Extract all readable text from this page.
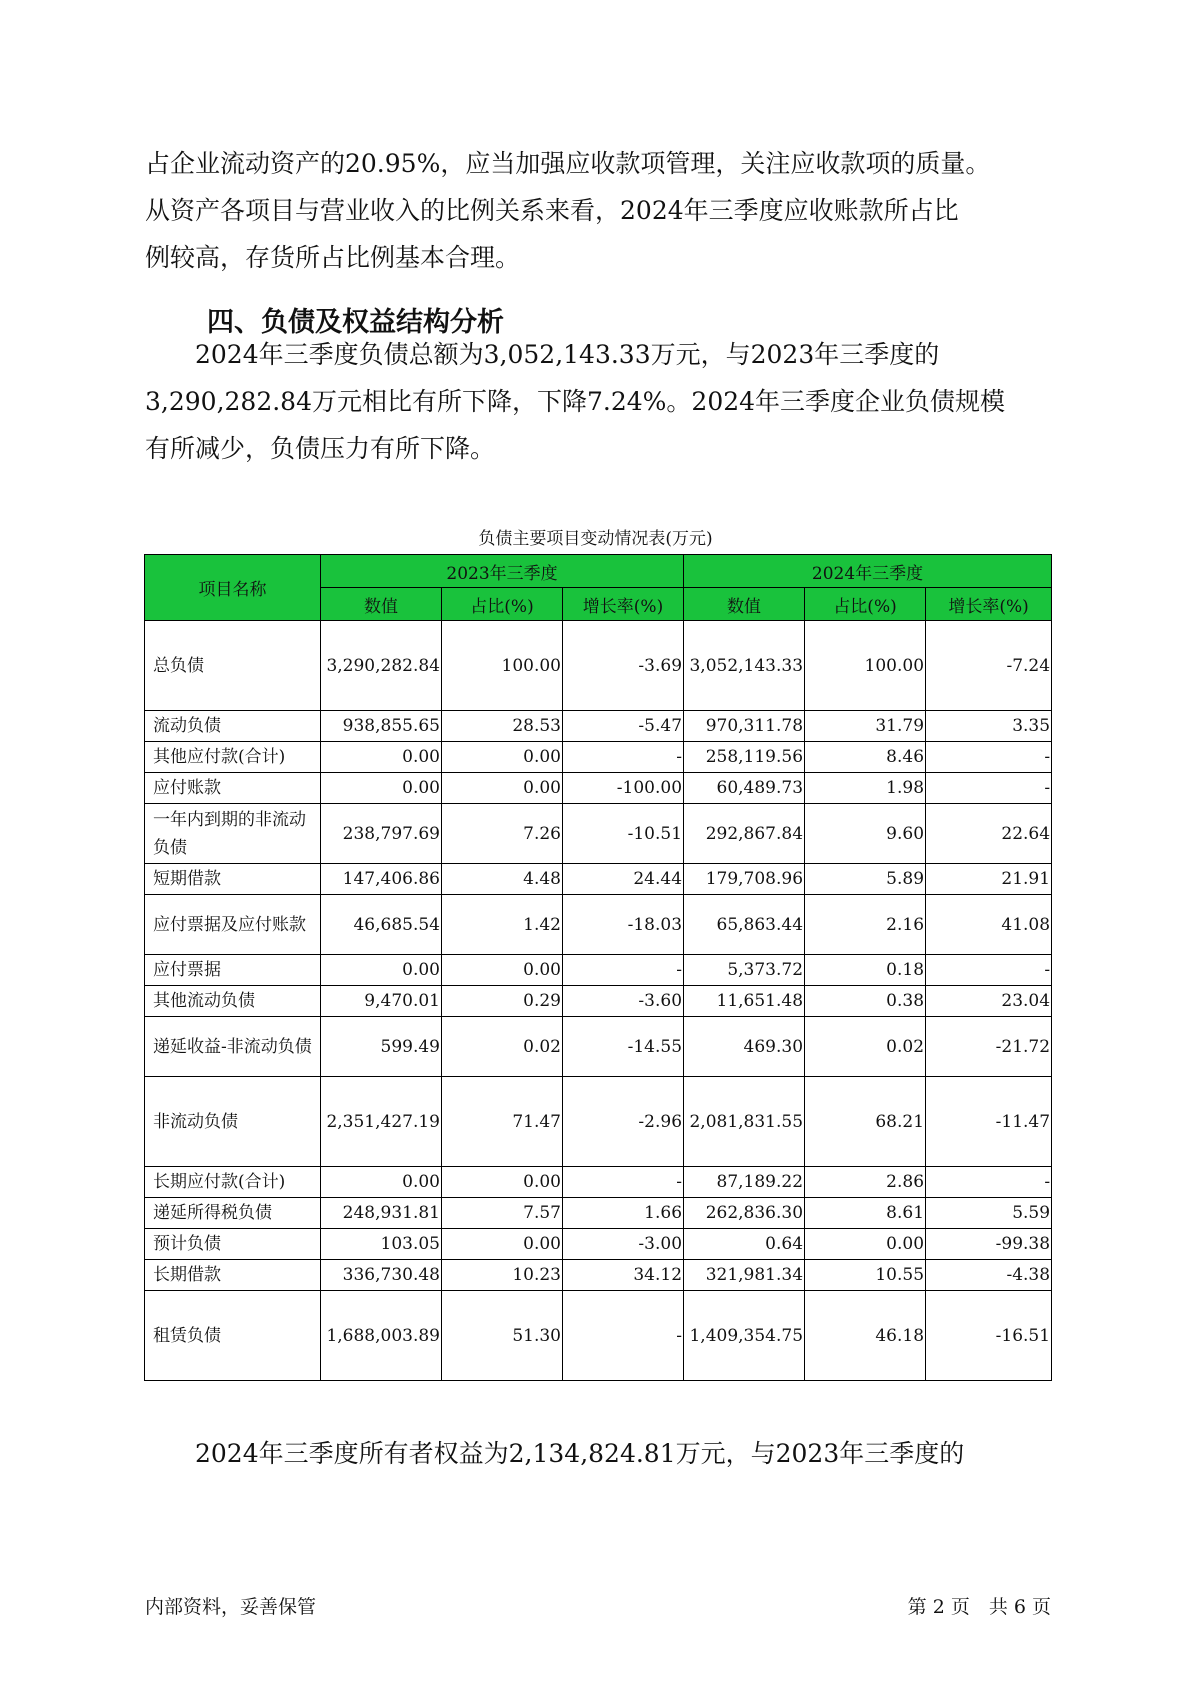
占企业流动资产的20.95%，应当加强应收款项管理，关注应收款项的质量。
从资产各项目与营业收入的比例关系来看，2024年三季度应收账款所占比
例较高，存货所占比例基本合理。
四、负债及权益结构分析
　　2024年三季度负债总额为3,052,143.33万元，与2023年三季度的
3,290,282.84万元相比有所下降，下降7.24%。2024年三季度企业负债规模
有所减少，负债压力有所下降。
负债主要项目变动情况表(万元)
项目名称	2023年三季度			2024年三季度		
	数值	占比(%)	增长率(%)	数值	占比(%)	增长率(%)
总负债	3,290,282.84	100.00	-3.69	3,052,143.33	100.00	-7.24
流动负债	938,855.65	28.53	-5.47	970,311.78	31.79	3.35
其他应付款(合计)	0.00	0.00	-	258,119.56	8.46	-
应付账款	0.00	0.00	-100.00	60,489.73	1.98	-
一年内到期的非流动负债	238,797.69	7.26	-10.51	292,867.84	9.60	22.64
短期借款	147,406.86	4.48	24.44	179,708.96	5.89	21.91
应付票据及应付账款	46,685.54	1.42	-18.03	65,863.44	2.16	41.08
应付票据	0.00	0.00	-	5,373.72	0.18	-
其他流动负债	9,470.01	0.29	-3.60	11,651.48	0.38	23.04
递延收益-非流动负债	599.49	0.02	-14.55	469.30	0.02	-21.72
非流动负债	2,351,427.19	71.47	-2.96	2,081,831.55	68.21	-11.47
长期应付款(合计)	0.00	0.00	-	87,189.22	2.86	-
递延所得税负债	248,931.81	7.57	1.66	262,836.30	8.61	5.59
预计负债	103.05	0.00	-3.00	0.64	0.00	-99.38
长期借款	336,730.48	10.23	34.12	321,981.34	10.55	-4.38
租赁负债	1,688,003.89	51.30	-	1,409,354.75	46.18	-16.51
　　2024年三季度所有者权益为2,134,824.81万元，与2023年三季度的
内部资料，妥善保管	第 2 页　共 6 页
